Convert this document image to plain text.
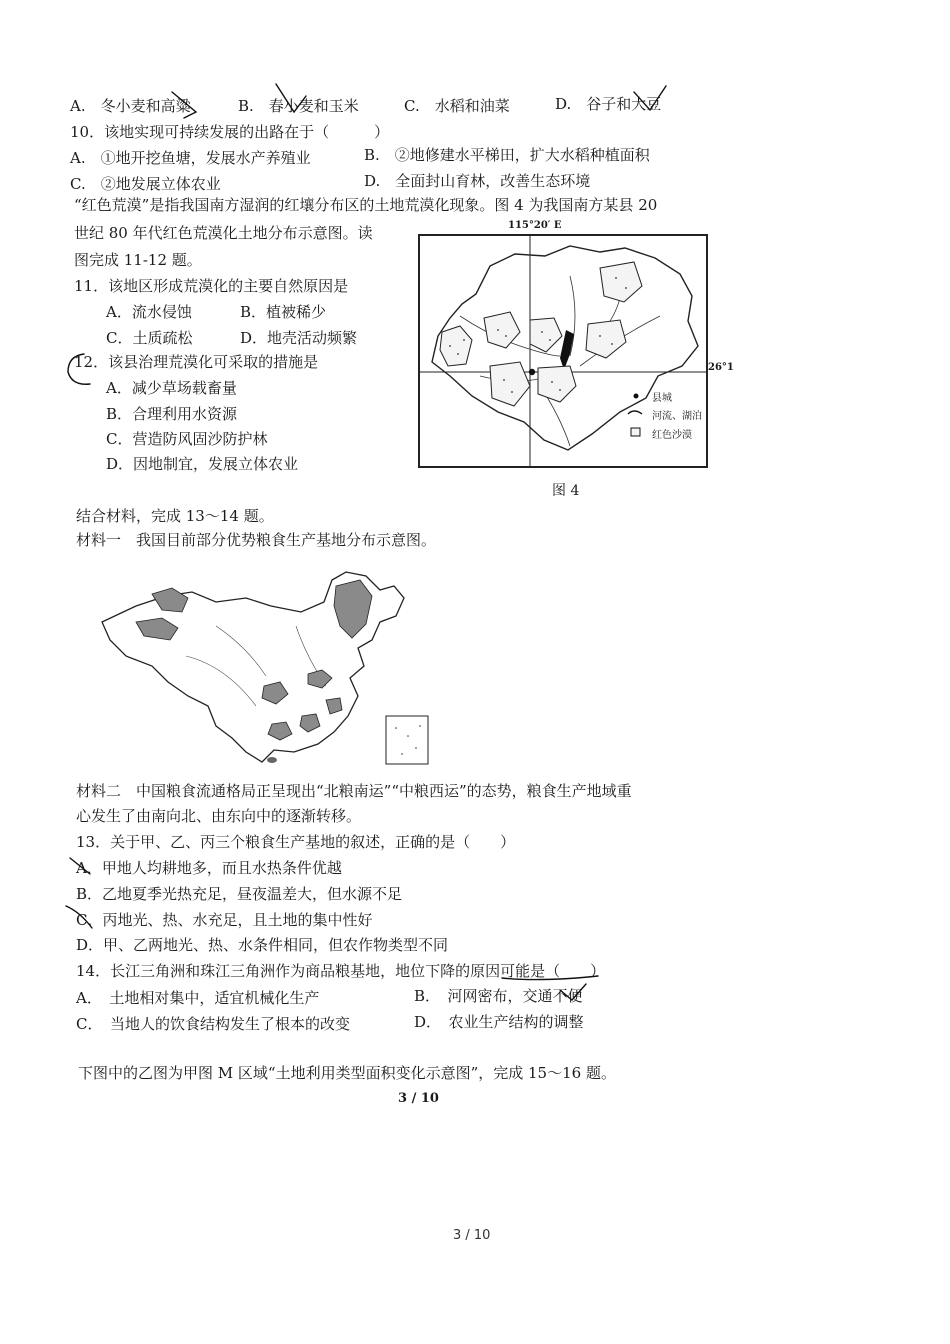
A.　冬小麦和高粱	B.　春小麦和玉米	C.　水稻和油菜	D.　谷子和大豆
10．该地实现可持续发展的出路在于（　　　）
A.　①地开挖鱼塘，发展水产养殖业	B.　②地修建水平梯田，扩大水稻种植面积
C.　②地发展立体农业	D.　全面封山育林，改善生态环境
“红色荒漠”是指我国南方湿润的红壤分布区的土地荒漠化现象。图 4 为我国南方某县 20
世纪 80 年代红色荒漠化土地分布示意图。读
图完成 11-12 题。
11．该地区形成荒漠化的主要自然原因是
A．流水侵蚀	B．植被稀少
C．土质疏松	D．地壳活动频繁
12．该县治理荒漠化可采取的措施是
A．减少草场载畜量
B．合理利用水资源
C．营造防风固沙防护林
D．因地制宜，发展立体农业
115°20′ E
县城
河流、湖泊
红色沙漠
26°1
图 4
结合材料，完成 13～14 题。
材料一　我国目前部分优势粮食生产基地分布示意图。
材料二　中国粮食流通格局正呈现出“北粮南运”“中粮西运”的态势，粮食生产地域重
心发生了由南向北、由东向中的逐渐转移。
13．关于甲、乙、丙三个粮食生产基地的叙述，正确的是（　　）
A．甲地人均耕地多，而且水热条件优越
B．乙地夏季光热充足，昼夜温差大，但水源不足
C．丙地光、热、水充足，且土地的集中性好
D．甲、乙两地光、热、水条件相同，但农作物类型不同
14．长江三角洲和珠江三角洲作为商品粮基地，地位下降的原因可能是（　　）
A．　土地相对集中，适宜机械化生产	B．　河网密布，交通不便
C．　当地人的饮食结构发生了根本的改变	D．　农业生产结构的调整
下图中的乙图为甲图 M 区域“土地利用类型面积变化示意图”，完成 15～16 题。
3 / 10
3 / 10
